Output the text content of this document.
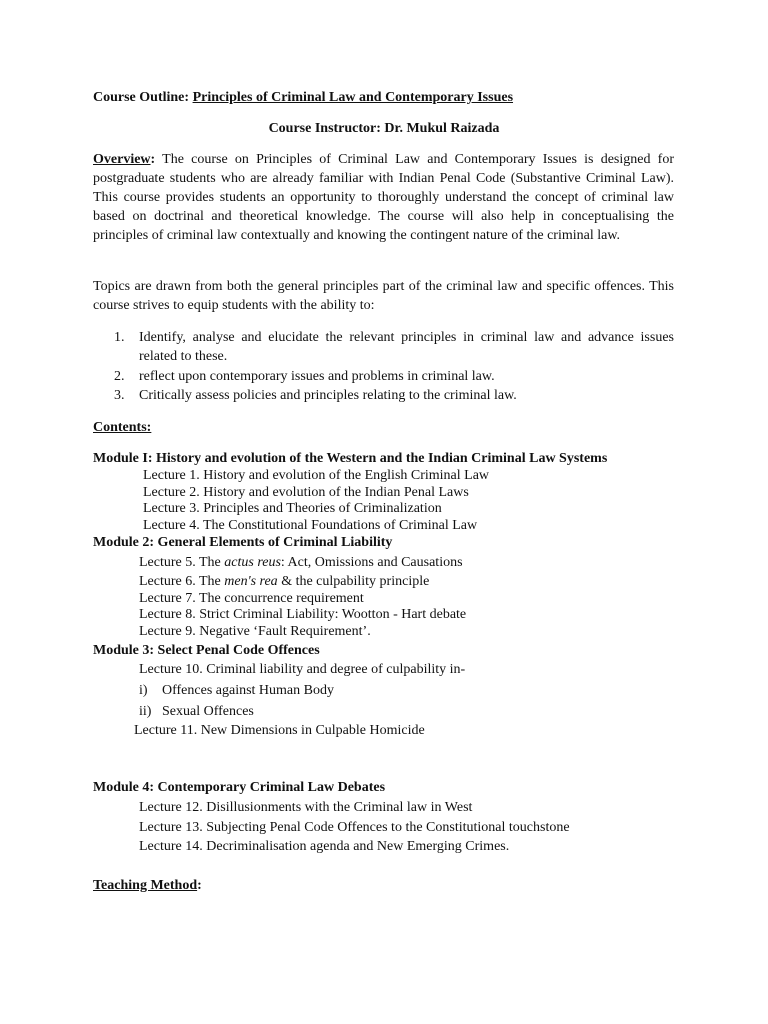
Course Outline: Principles of Criminal Law and Contemporary Issues

Course Instructor: Dr. Mukul Raizada

Overview: The course on Principles of Criminal Law and Contemporary Issues is designed for postgraduate students who are already familiar with Indian Penal Code (Substantive Criminal Law). This course provides students an opportunity to thoroughly understand the concept of criminal law based on doctrinal and theoretical knowledge. The course will also help in conceptualising the principles of criminal law contextually and knowing the contingent nature of the criminal law.

Topics are drawn from both the general principles part of the criminal law and specific offences. This course strives to equip students with the ability to:

1. Identify, analyse and elucidate the relevant principles in criminal law and advance issues related to these.

2. reflect upon contemporary issues and problems in criminal law.

3. Critically assess policies and principles relating to the criminal law.

Contents:

Module I: History and evolution of the Western and the Indian Criminal Law Systems

Lecture 1. History and evolution of the English Criminal Law

Lecture 2. History and evolution of the Indian Penal Laws

Lecture 3. Principles and Theories of Criminalization

Lecture 4. The Constitutional Foundations of Criminal Law

Module 2: General Elements of Criminal Liability

Lecture 5. The actus reus: Act, Omissions and Causations

Lecture 6. The men's rea & the culpability principle

Lecture 7. The concurrence requirement

Lecture 8. Strict Criminal Liability: Wootton - Hart debate

Lecture 9. Negative ‘Fault Requirement’.

Module 3: Select Penal Code Offences

Lecture 10. Criminal liability and degree of culpability in-

i) Offences against Human Body

ii) Sexual Offences

Lecture 11. New Dimensions in Culpable Homicide

Module 4: Contemporary Criminal Law Debates

Lecture 12. Disillusionments with the Criminal law in West

Lecture 13. Subjecting Penal Code Offences to the Constitutional touchstone

Lecture 14. Decriminalisation agenda and New Emerging Crimes.

Teaching Method:
